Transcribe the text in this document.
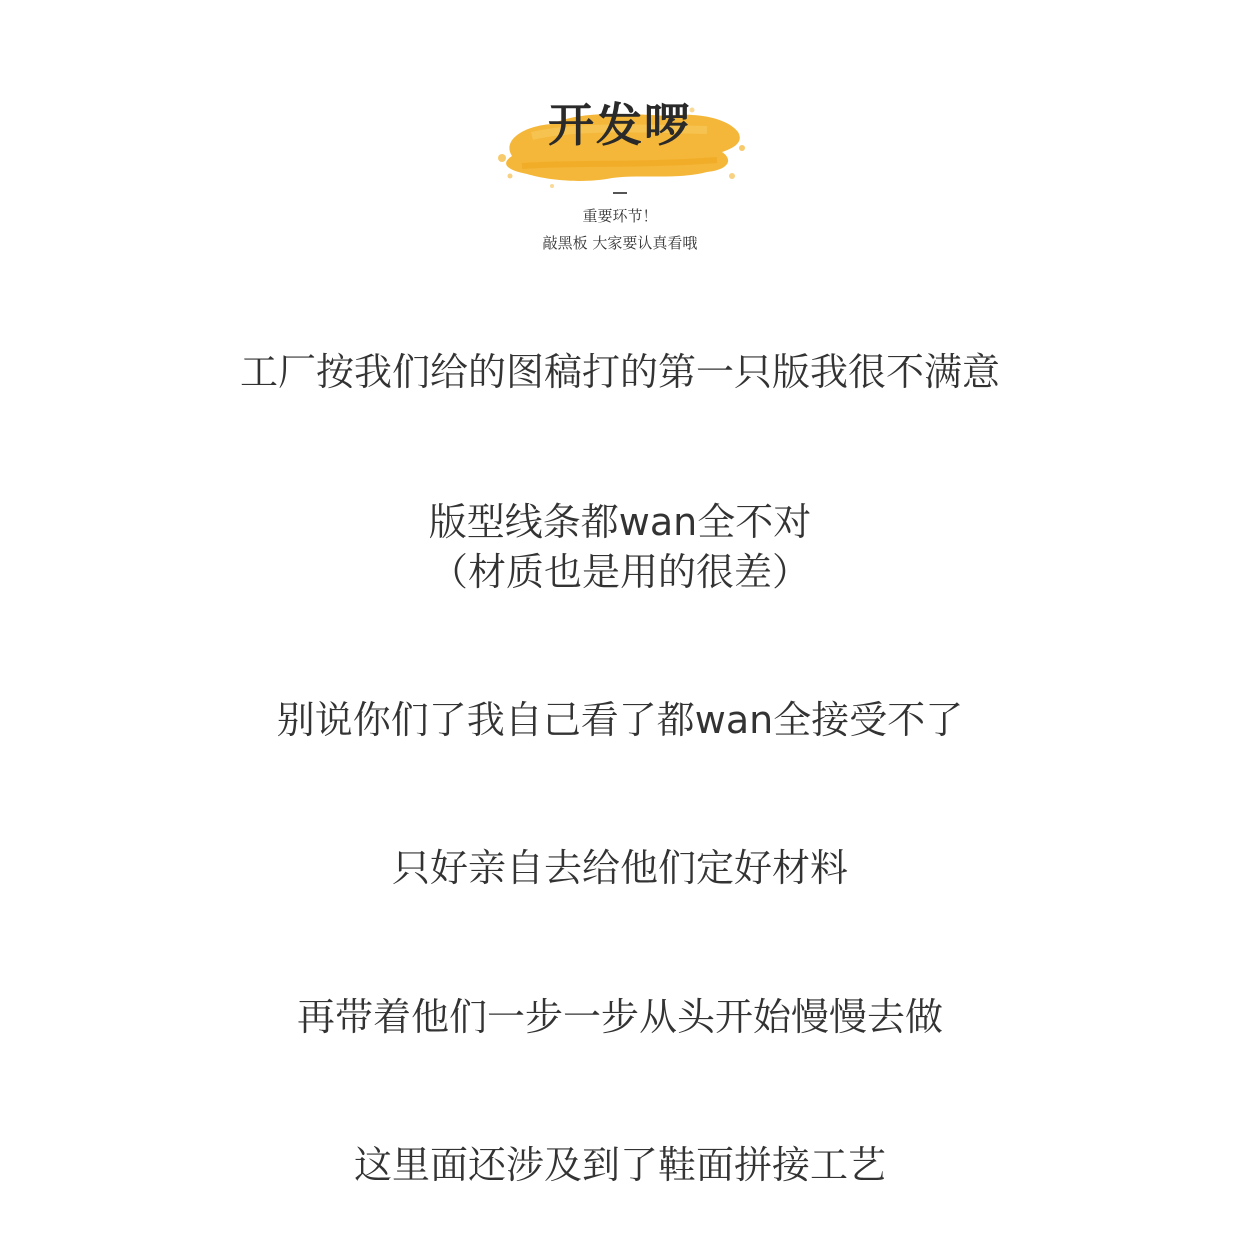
开发啰
重要环节！
敲黑板 大家要认真看哦
工厂按我们给的图稿打的第一只版我很不满意
版型线条都wan全不对
（材质也是用的很差）
别说你们了我自己看了都wan全接受不了
只好亲自去给他们定好材料
再带着他们一步一步从头开始慢慢去做
这里面还涉及到了鞋面拼接工艺
